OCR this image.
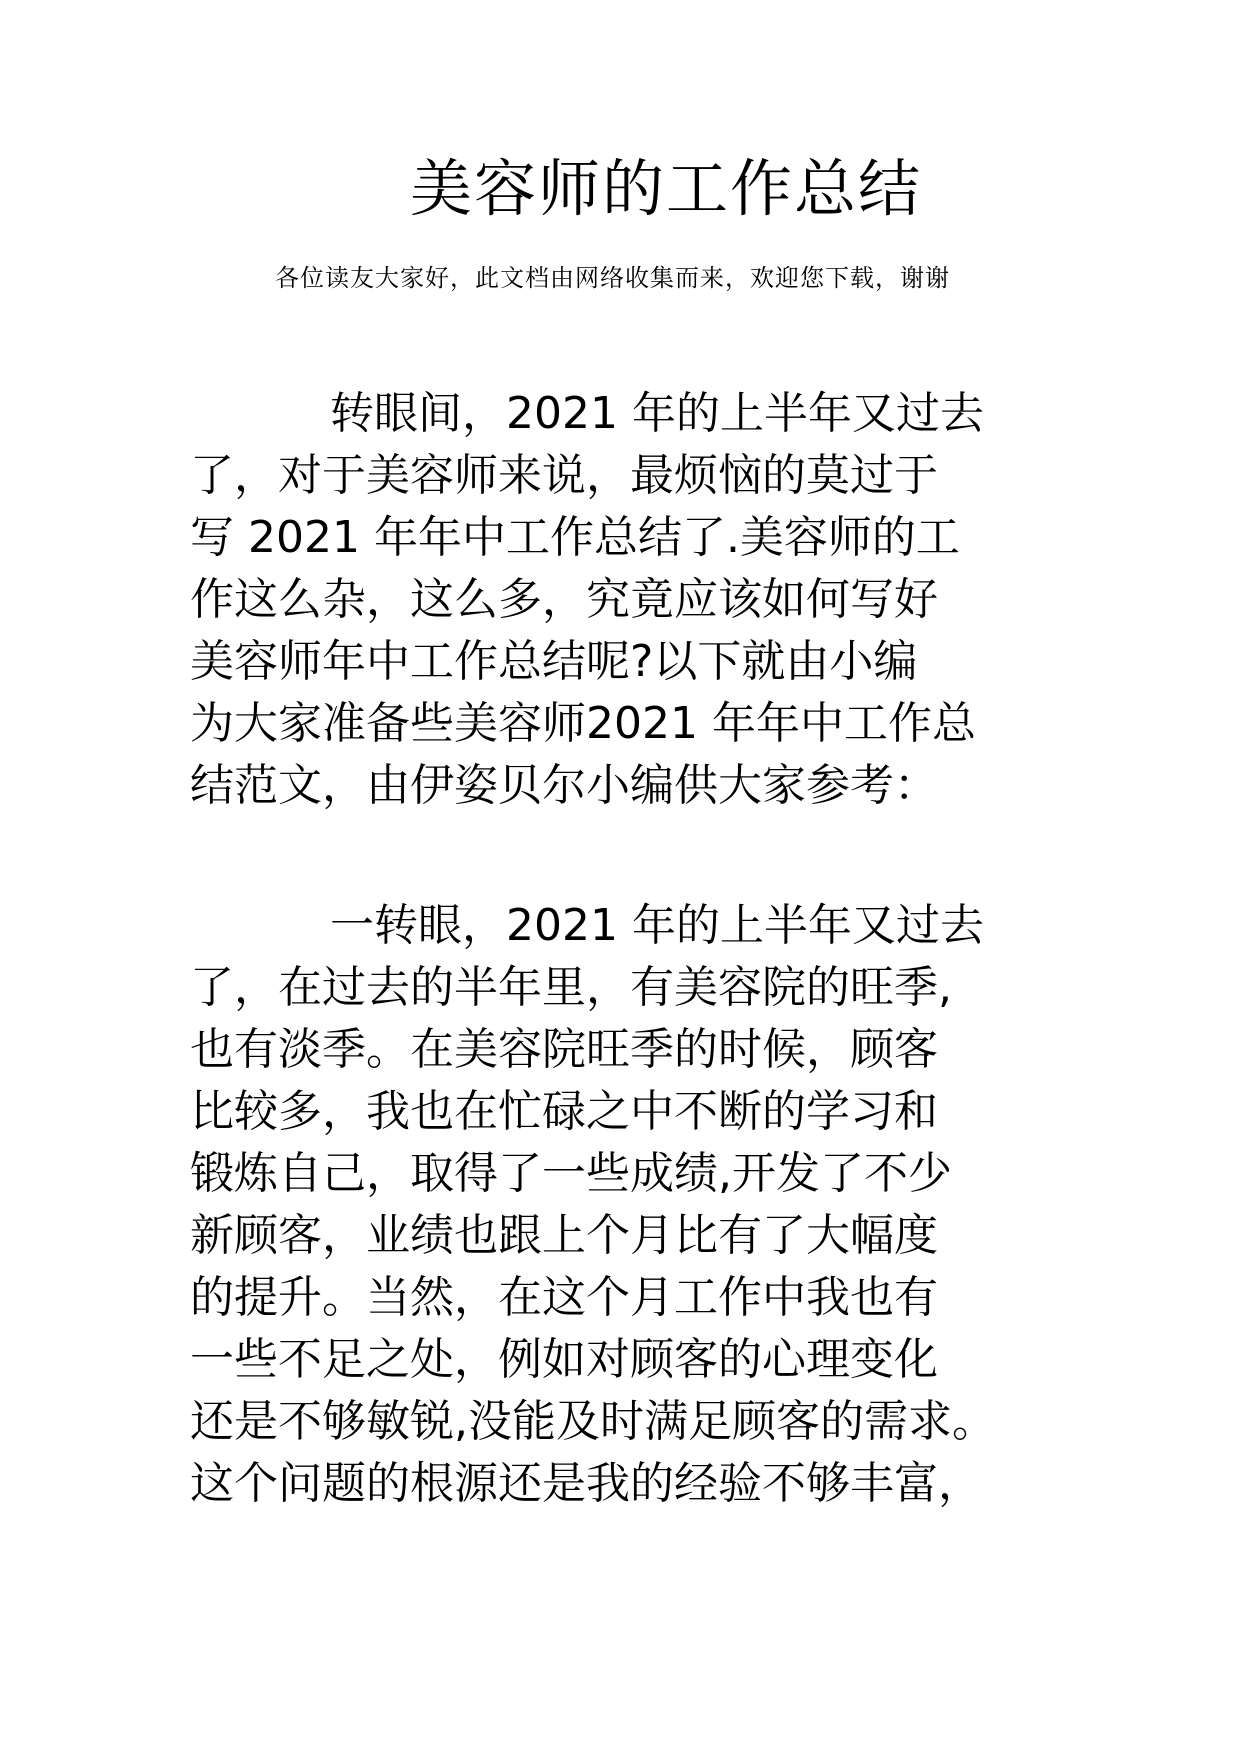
美容师的工作总结

各位读友大家好，此文档由网络收集而来，欢迎您下载，谢谢

转眼间，2021 年的上半年又过去

了，对于美容师来说，最烦恼的莫过于

写 2021 年年中工作总结了.美容师的工

作这么杂，这么多，究竟应该如何写好

美容师年中工作总结呢?以下就由小编

为大家准备些美容师2021 年年中工作总

结范文，由伊姿贝尔小编供大家参考：

一转眼，2021 年的上半年又过去

了，在过去的半年里，有美容院的旺季,

也有淡季。在美容院旺季的时候，顾客

比较多，我也在忙碌之中不断的学习和

锻炼自己，取得了一些成绩,开发了不少

新顾客，业绩也跟上个月比有了大幅度

的提升。当然，在这个月工作中我也有

一些不足之处，例如对顾客的心理变化

还是不够敏锐,没能及时满足顾客的需求。

这个问题的根源还是我的经验不够丰富，
